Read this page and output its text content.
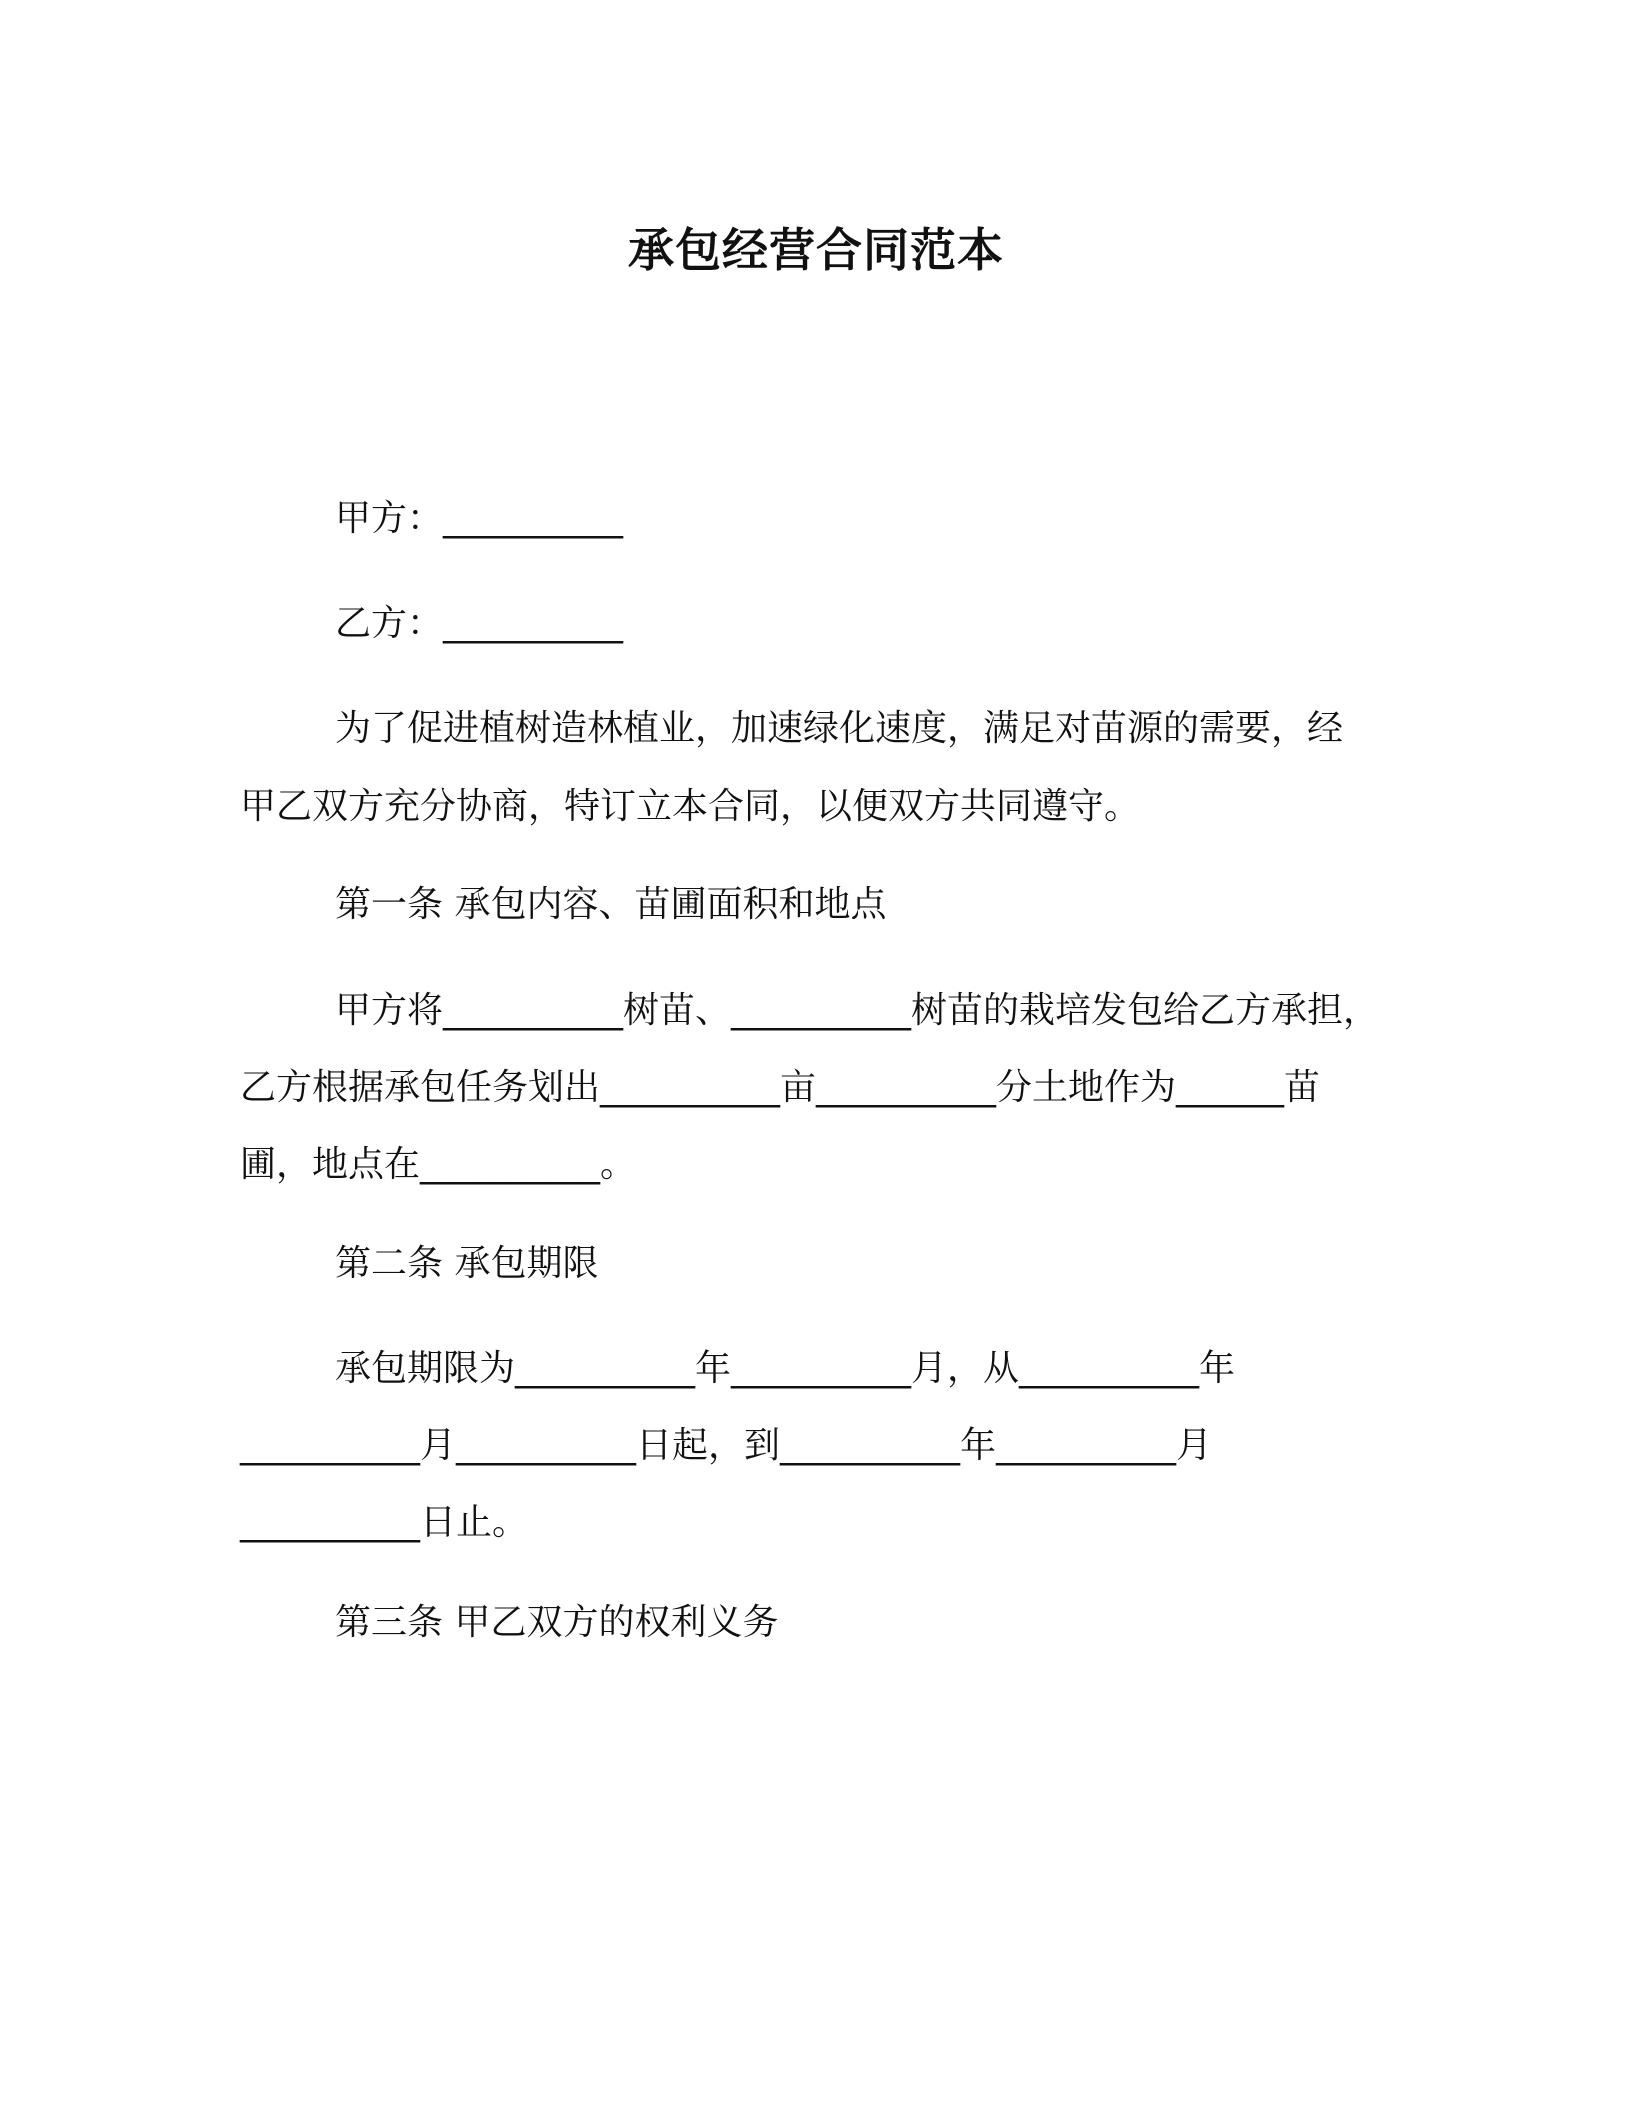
承包经营合同范本
甲方：__________
乙方：__________
为了促进植树造林植业，加速绿化速度，满足对苗源的需要，经
甲乙双方充分协商，特订立本合同，以便双方共同遵守。
第一条 承包内容、苗圃面积和地点
甲方将__________树苗、__________树苗的栽培发包给乙方承担，
乙方根据承包任务划出__________亩__________分土地作为______苗
圃，地点在__________。
第二条 承包期限
承包期限为__________年__________月，从__________年
__________月__________日起，到__________年__________月
__________日止。
第三条 甲乙双方的权利义务
